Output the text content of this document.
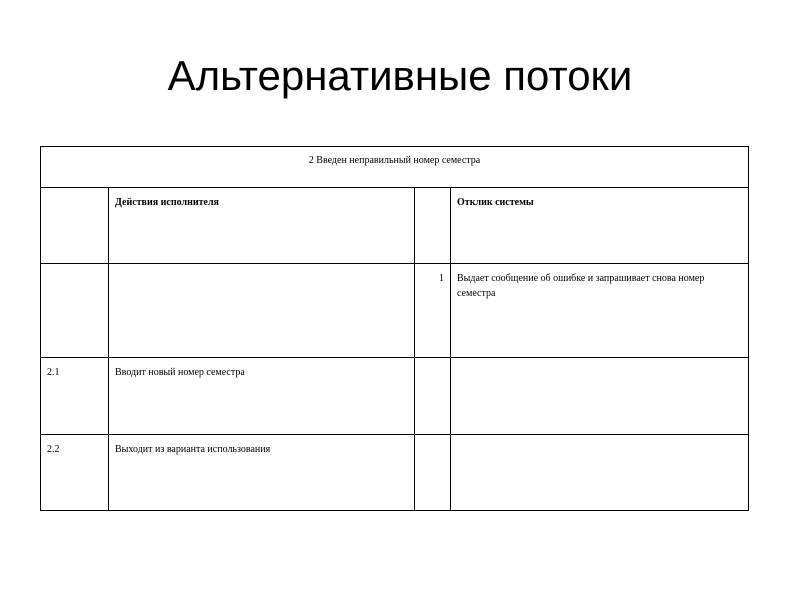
Альтернативные потоки
2 Введен неправильный номер семестра			
	Действия исполнителя		Отклик системы
		1	Выдает сообщение об ошибке и запрашивает снова номер семестра
2.1	Вводит новый номер семестра		
2.2	Выходит из варианта использования		
